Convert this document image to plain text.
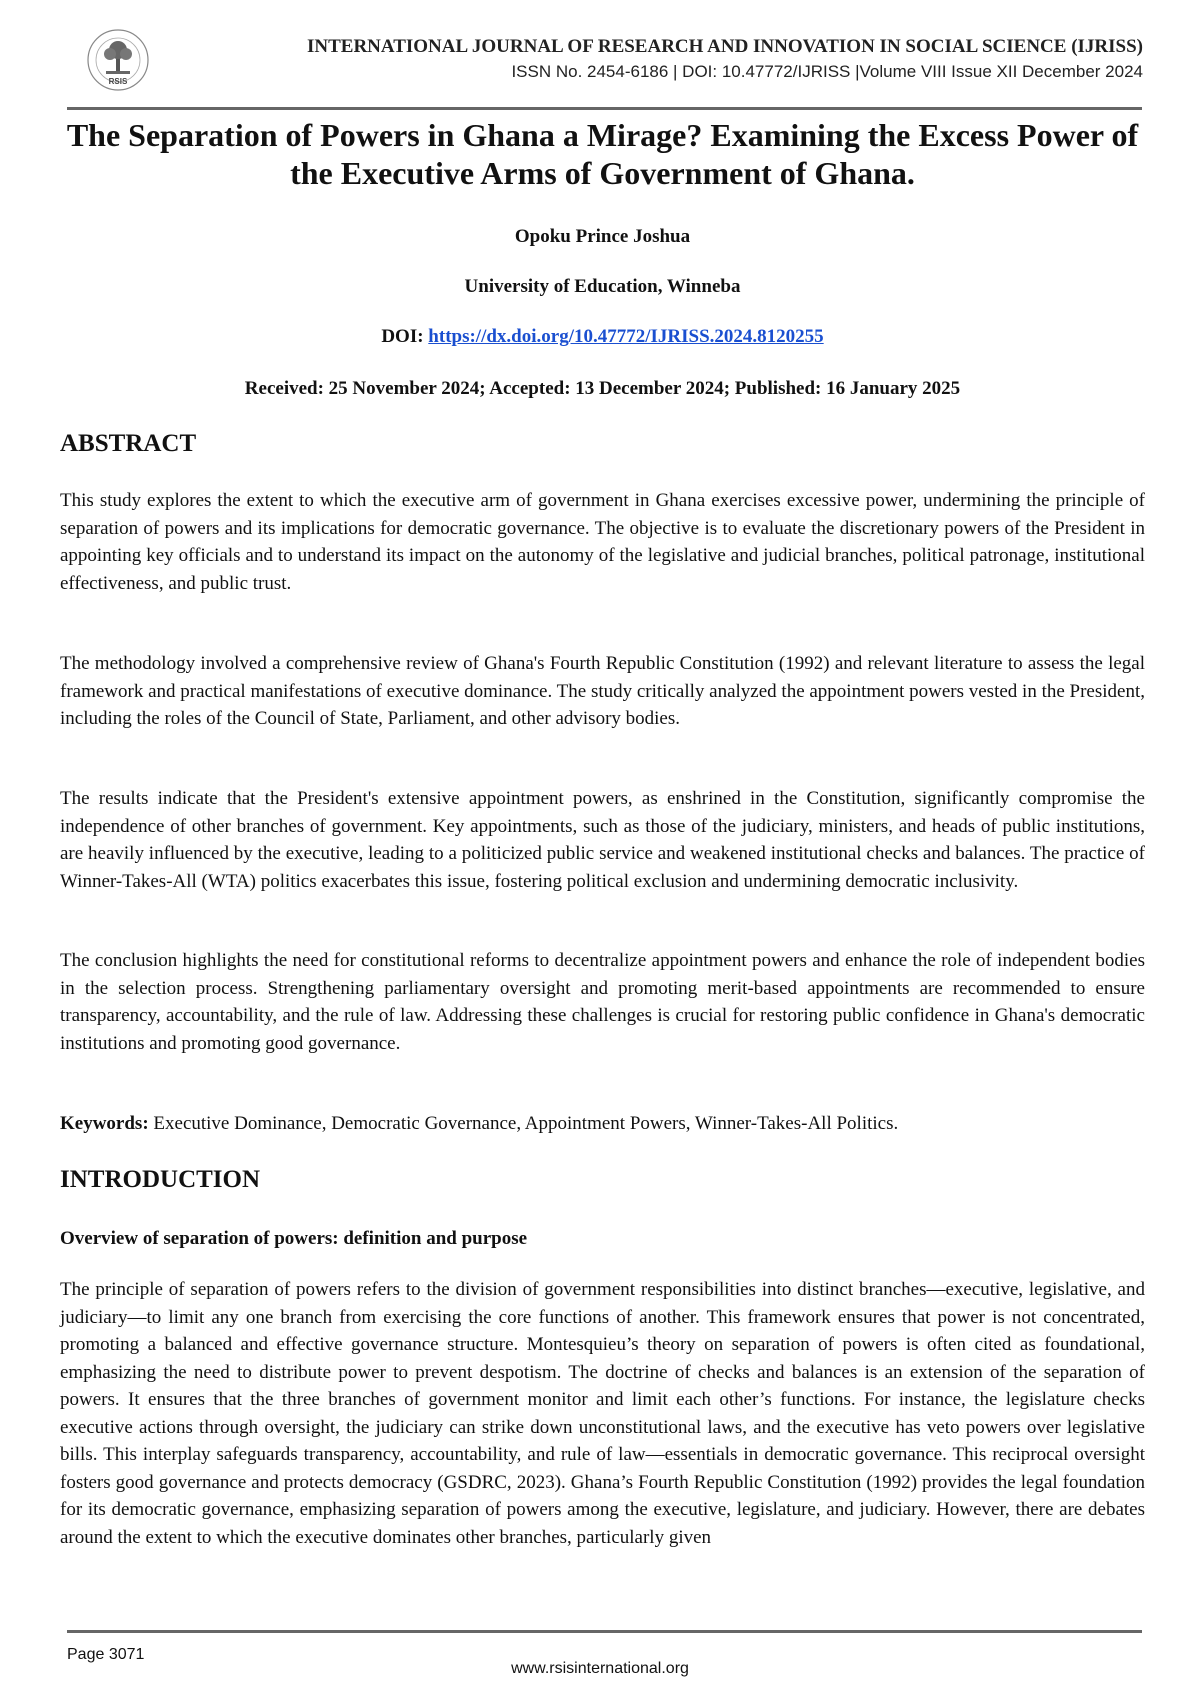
RSIS
INTERNATIONAL JOURNAL OF RESEARCH AND INNOVATION IN SOCIAL SCIENCE (IJRISS)
ISSN No. 2454-6186 | DOI: 10.47772/IJRISS |Volume VIII Issue XII December 2024
The Separation of Powers in Ghana a Mirage? Examining the Excess Power of the Executive Arms of Government of Ghana.
Opoku Prince Joshua
University of Education, Winneba
DOI: https://dx.doi.org/10.47772/IJRISS.2024.8120255
Received: 25 November 2024; Accepted: 13 December 2024; Published: 16 January 2025
ABSTRACT
This study explores the extent to which the executive arm of government in Ghana exercises excessive power, undermining the principle of separation of powers and its implications for democratic governance. The objective is to evaluate the discretionary powers of the President in appointing key officials and to understand its impact on the autonomy of the legislative and judicial branches, political patronage, institutional effectiveness, and public trust.
The methodology involved a comprehensive review of Ghana's Fourth Republic Constitution (1992) and relevant literature to assess the legal framework and practical manifestations of executive dominance. The study critically analyzed the appointment powers vested in the President, including the roles of the Council of State, Parliament, and other advisory bodies.
The results indicate that the President's extensive appointment powers, as enshrined in the Constitution, significantly compromise the independence of other branches of government. Key appointments, such as those of the judiciary, ministers, and heads of public institutions, are heavily influenced by the executive, leading to a politicized public service and weakened institutional checks and balances. The practice of Winner-Takes-All (WTA) politics exacerbates this issue, fostering political exclusion and undermining democratic inclusivity.
The conclusion highlights the need for constitutional reforms to decentralize appointment powers and enhance the role of independent bodies in the selection process. Strengthening parliamentary oversight and promoting merit-based appointments are recommended to ensure transparency, accountability, and the rule of law. Addressing these challenges is crucial for restoring public confidence in Ghana's democratic institutions and promoting good governance.
Keywords: Executive Dominance, Democratic Governance, Appointment Powers, Winner-Takes-All Politics.
INTRODUCTION
Overview of separation of powers: definition and purpose
The principle of separation of powers refers to the division of government responsibilities into distinct branches—executive, legislative, and judiciary—to limit any one branch from exercising the core functions of another. This framework ensures that power is not concentrated, promoting a balanced and effective governance structure. Montesquieu’s theory on separation of powers is often cited as foundational, emphasizing the need to distribute power to prevent despotism. The doctrine of checks and balances is an extension of the separation of powers. It ensures that the three branches of government monitor and limit each other’s functions. For instance, the legislature checks executive actions through oversight, the judiciary can strike down unconstitutional laws, and the executive has veto powers over legislative bills. This interplay safeguards transparency, accountability, and rule of law—essentials in democratic governance. This reciprocal oversight fosters good governance and protects democracy (GSDRC, 2023). Ghana’s Fourth Republic Constitution (1992) provides the legal foundation for its democratic governance, emphasizing separation of powers among the executive, legislature, and judiciary. However, there are debates around the extent to which the executive dominates other branches, particularly given
Page 3071
www.rsisinternational.org
